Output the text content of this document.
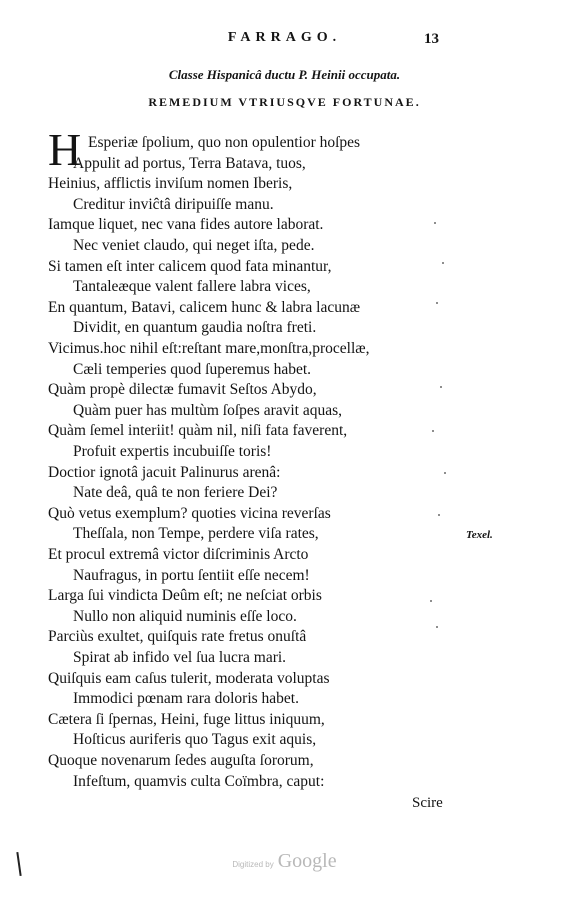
FARRAGO.	13
Classe Hispanicâ ductu P. Heinii occupata.
REMEDIUM VTRIUSQVE FORTUNAE.
H Esperiæ ſpolium, quo non opulentior hoſpes
Appulit ad portus, Terra Batava, tuos,
Heinius, afflictis inviſum nomen Iberis,
Creditur inviĉtâ diripuiſſe manu.
Iamque liquet, nec vana fides autore laborat.
Nec veniet claudo, qui neget iſta, pede.
Si tamen eſt inter calicem quod fata minantur,
Tantaleæque valent fallere labra vices,
En quantum, Batavi, calicem hunc & labra lacunæ
Dividit, en quantum gaudia noſtra freti.
Vicimus.hoc nihil eſt:reſtant mare,monſtra,procellæ,
Cæli temperies quod ſuperemus habet.
Quàm propè dilectæ fumavit Seſtos Abydo,
Quàm puer has multùm ſoſpes aravit aquas,
Quàm ſemel interiit! quàm nil, niſi fata faverent,
Profuit expertis incubuiſſe toris!
Doctior ignotâ jacuit Palinurus arenâ:
Nate deâ, quâ te non feriere Dei?
Quò vetus exemplum? quoties vicina reverſas
Theſſala, non Tempe, perdere viſa rates,
Et procul extremâ victor diſcriminis Arcto
Naufragus, in portu ſentiit eſſe necem!
Larga ſui vindicta Deûm eſt; ne neſciat orbis
Nullo non aliquid numinis eſſe loco.
Parciùs exultet, quiſquis rate fretus onuſtâ
Spirat ab infido vel ſua lucra mari.
Quiſquis eam caſus tulerit, moderata voluptas
Immodici pœnam rara doloris habet.
Cætera ſi ſpernas, Heini, fuge littus iniquum,
Hoſticus auriferis quo Tagus exit aquis,
Quoque novenarum ſedes auguſta ſororum,
Infeſtum, quamvis culta Coïmbra, caput:
Texel.
Scire
Digitized by Google
